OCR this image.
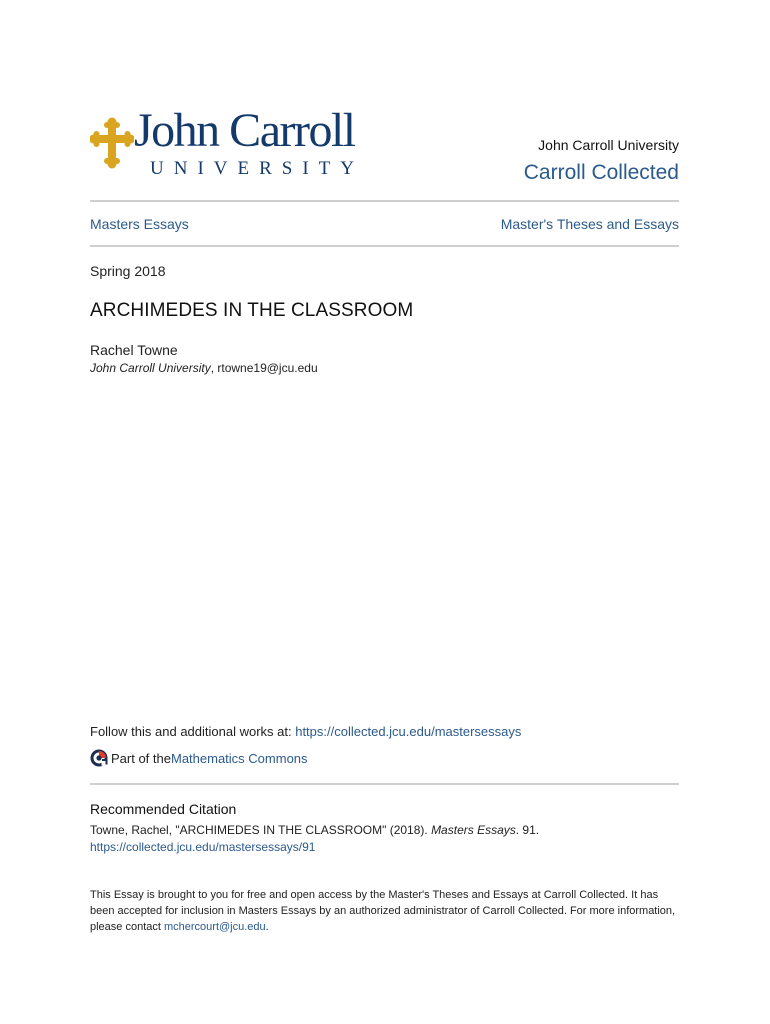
John Carroll
UNIVERSITY
John Carroll University
Carroll Collected
Masters Essays	Master's Theses and Essays
Spring 2018
ARCHIMEDES IN THE CLASSROOM
Rachel Towne
John Carroll University, rtowne19@jcu.edu
Follow this and additional works at: https://collected.jcu.edu/mastersessays
Part of the Mathematics Commons
Recommended Citation
Towne, Rachel, "ARCHIMEDES IN THE CLASSROOM" (2018). Masters Essays. 91.
https://collected.jcu.edu/mastersessays/91
This Essay is brought to you for free and open access by the Master's Theses and Essays at Carroll Collected. It has been accepted for inclusion in Masters Essays by an authorized administrator of Carroll Collected. For more information, please contact mchercourt@jcu.edu.
